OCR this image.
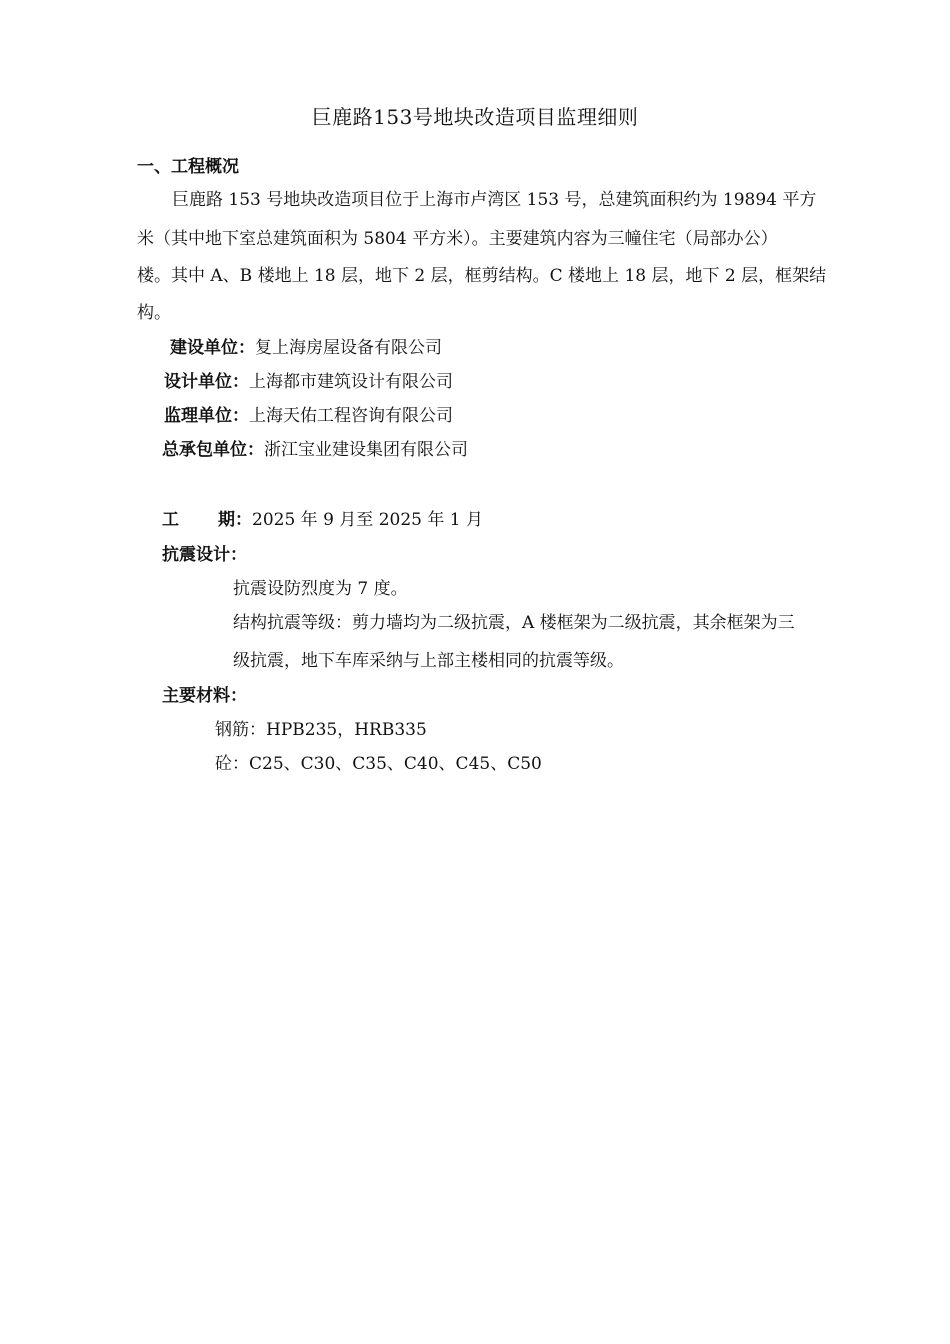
巨鹿路153号地块改造项目监理细则
一、工程概况
巨鹿路 153 号地块改造项目位于上海市卢湾区 153 号，总建筑面积约为 19894 平方
米（其中地下室总建筑面积为 5804 平方米）。主要建筑内容为三幢住宅（局部办公）
楼。其中 A、B 楼地上 18 层，地下 2 层，框剪结构。C 楼地上 18 层，地下 2 层，框架结
构。
建设单位：复上海房屋设备有限公司
设计单位：上海都市建筑设计有限公司
监理单位：上海天佑工程咨询有限公司
总承包单位：浙江宝业建设集团有限公司
工 期：2025 年 9 月至 2025 年 1 月
抗震设计：
抗震设防烈度为 7 度。
结构抗震等级：剪力墙均为二级抗震，A 楼框架为二级抗震，其余框架为三
级抗震，地下车库采纳与上部主楼相同的抗震等级。
主要材料：
钢筋：HPB235，HRB335
砼：C25、C30、C35、C40、C45、C50
